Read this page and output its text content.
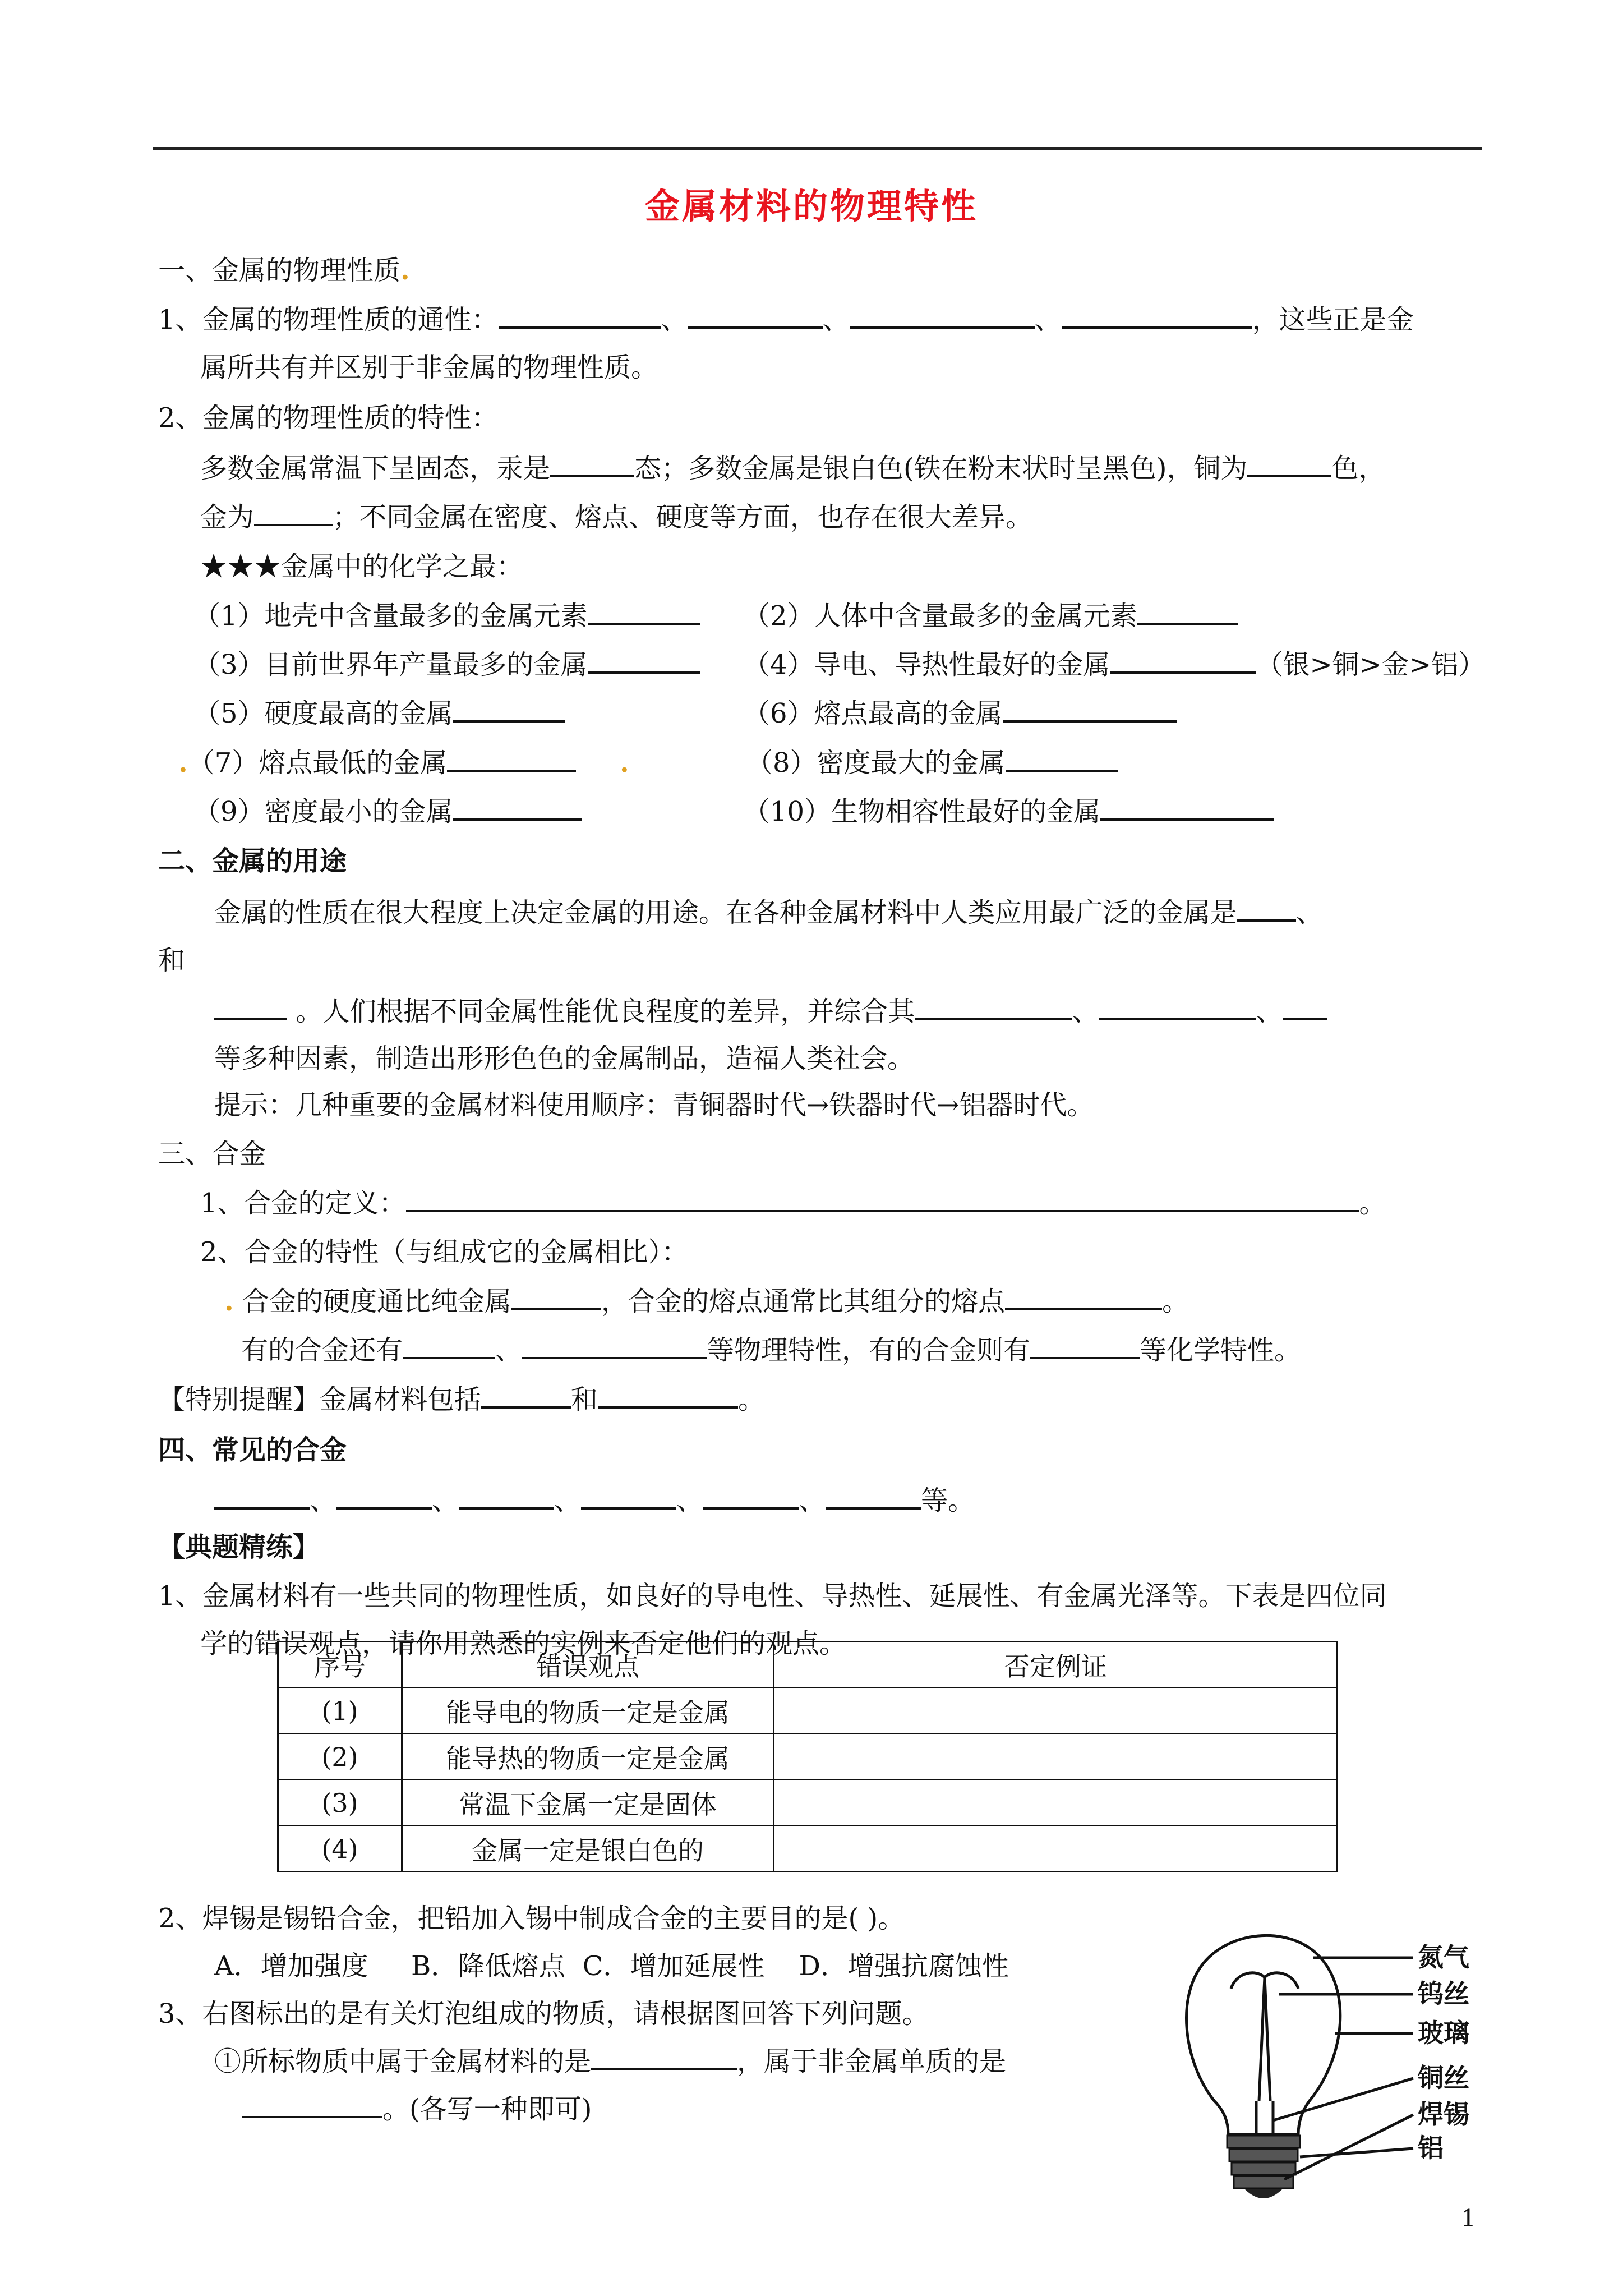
金属材料的物理特性
一、金属的物理性质.
1、金属的物理性质的通性：	、	、	、	，这些正是金
属所共有并区别于非金属的物理性质。
2、金属的物理性质的特性：
多数金属常温下呈固态，汞是	态；多数金属是银白色(铁在粉末状时呈黑色)，铜为	色，
金为	；不同金属在密度、熔点、硬度等方面，也存在很大差异。
★★★金属中的化学之最：
（1）地壳中含量最多的金属元素	（2）人体中含量最多的金属元素
（3）目前世界年产量最多的金属	（4）导电、导热性最好的金属	（银>铜>金>铝）
（5）硬度最高的金属	（6）熔点最高的金属
.（7）熔点最低的金属	.	（8）密度最大的金属
（9）密度最小的金属	（10）生物相容性最好的金属
二、金属的用途
金属的性质在很大程度上决定金属的用途。在各种金属材料中人类应用最广泛的金属是 、
和
。人们根据不同金属性能优良程度的差异，并综合其	、	、
等多种因素，制造出形形色色的金属制品，造福人类社会。
提示：几种重要的金属材料使用顺序：青铜器时代→铁器时代→铝器时代。
三、合金
1、合金的定义：	。
2、合金的特性（与组成它的金属相比）：
. 合金的硬度通比纯金属	，合金的熔点通常比其组分的熔点	。
有的合金还有	、	等物理特性，有的合金则有	等化学特性。
【特别提醒】金属材料包括	和	。
四、常见的合金
、	、	、	、	、	等。
【典题精练】
1、金属材料有一些共同的物理性质，如良好的导电性、导热性、延展性、有金属光泽等。下表是四位同
学的错误观点，请你用熟悉的实例来否定他们的观点。
序号	错误观点	否定例证
(1)	能导电的物质一定是金属	
(2)	能导热的物质一定是金属	
(3)	常温下金属一定是固体	
(4)	金属一定是银白色的	
2、焊锡是锡铅合金，把铅加入锡中制成合金的主要目的是( )。
A．增加强度 B．降低熔点 C．增加延展性 D．增强抗腐蚀性
3、右图标出的是有关灯泡组成的物质，请根据图回答下列问题。
①所标物质中属于金属材料的是	，属于非金属单质的是
。(各写一种即可)
氮气
钨丝
玻璃
铜丝
焊锡
铝
1
